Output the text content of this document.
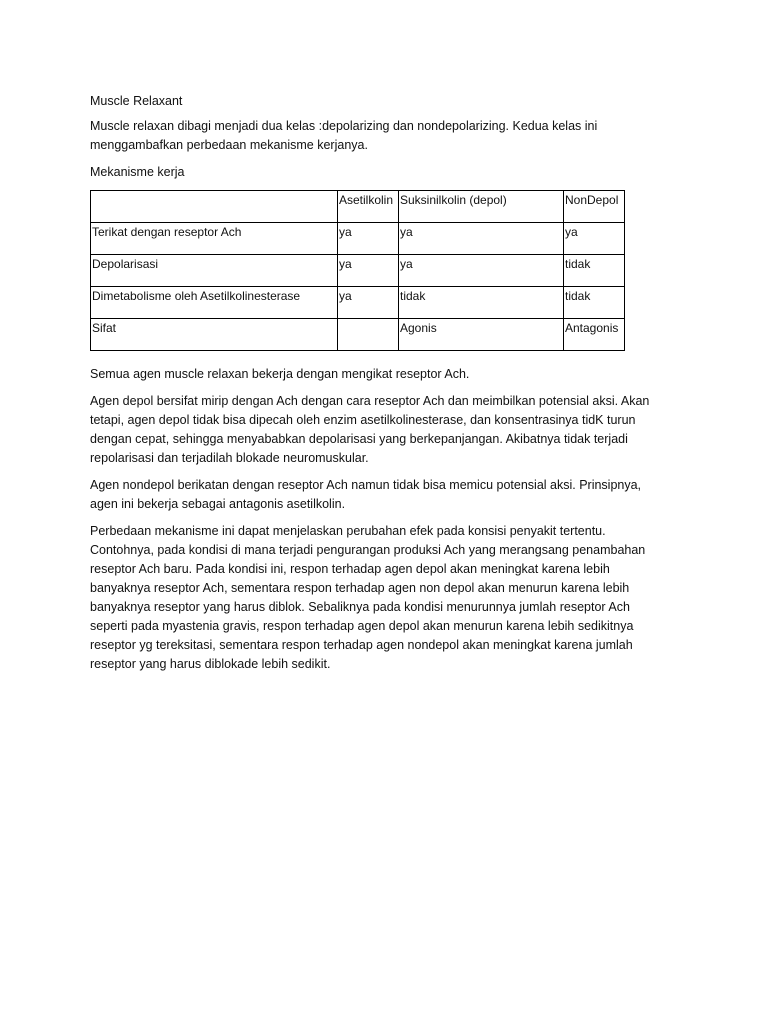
Muscle Relaxant

Muscle relaxan dibagi menjadi dua kelas :depolarizing dan nondepolarizing. Kedua kelas ini menggambafkan perbedaan mekanisme kerjanya.

Mekanisme kerja

	Asetilkolin	Suksinilkolin (depol)	NonDepol
Terikat dengan reseptor Ach	ya	ya	ya
Depolarisasi	ya	ya	tidak
Dimetabolisme oleh Asetilkolinesterase	ya	tidak	tidak
Sifat		Agonis	Antagonis

Semua agen muscle relaxan bekerja dengan mengikat reseptor Ach.

Agen depol bersifat mirip dengan Ach dengan cara reseptor Ach dan meimbilkan potensial aksi. Akan tetapi, agen depol tidak bisa dipecah oleh enzim asetilkolinesterase, dan konsentrasinya tidK turun dengan cepat, sehingga menyababkan depolarisasi yang berkepanjangan. Akibatnya tidak terjadi repolarisasi dan terjadilah blokade neuromuskular.

Agen nondepol berikatan dengan reseptor Ach namun tidak bisa memicu potensial aksi. Prinsipnya, agen ini bekerja sebagai antagonis asetilkolin.

Perbedaan mekanisme ini dapat menjelaskan perubahan efek pada konsisi penyakit tertentu. Contohnya, pada kondisi di mana terjadi pengurangan produksi Ach yang merangsang penambahan reseptor Ach baru. Pada kondisi ini, respon terhadap agen depol akan meningkat karena lebih banyaknya reseptor Ach, sementara respon terhadap agen non depol akan menurun karena lebih banyaknya reseptor yang harus diblok. Sebaliknya pada kondisi menurunnya jumlah reseptor Ach seperti pada myastenia gravis, respon terhadap agen depol akan menurun karena lebih sedikitnya reseptor yg tereksitasi, sementara respon terhadap agen nondepol akan meningkat karena jumlah reseptor yang harus diblokade lebih sedikit.
